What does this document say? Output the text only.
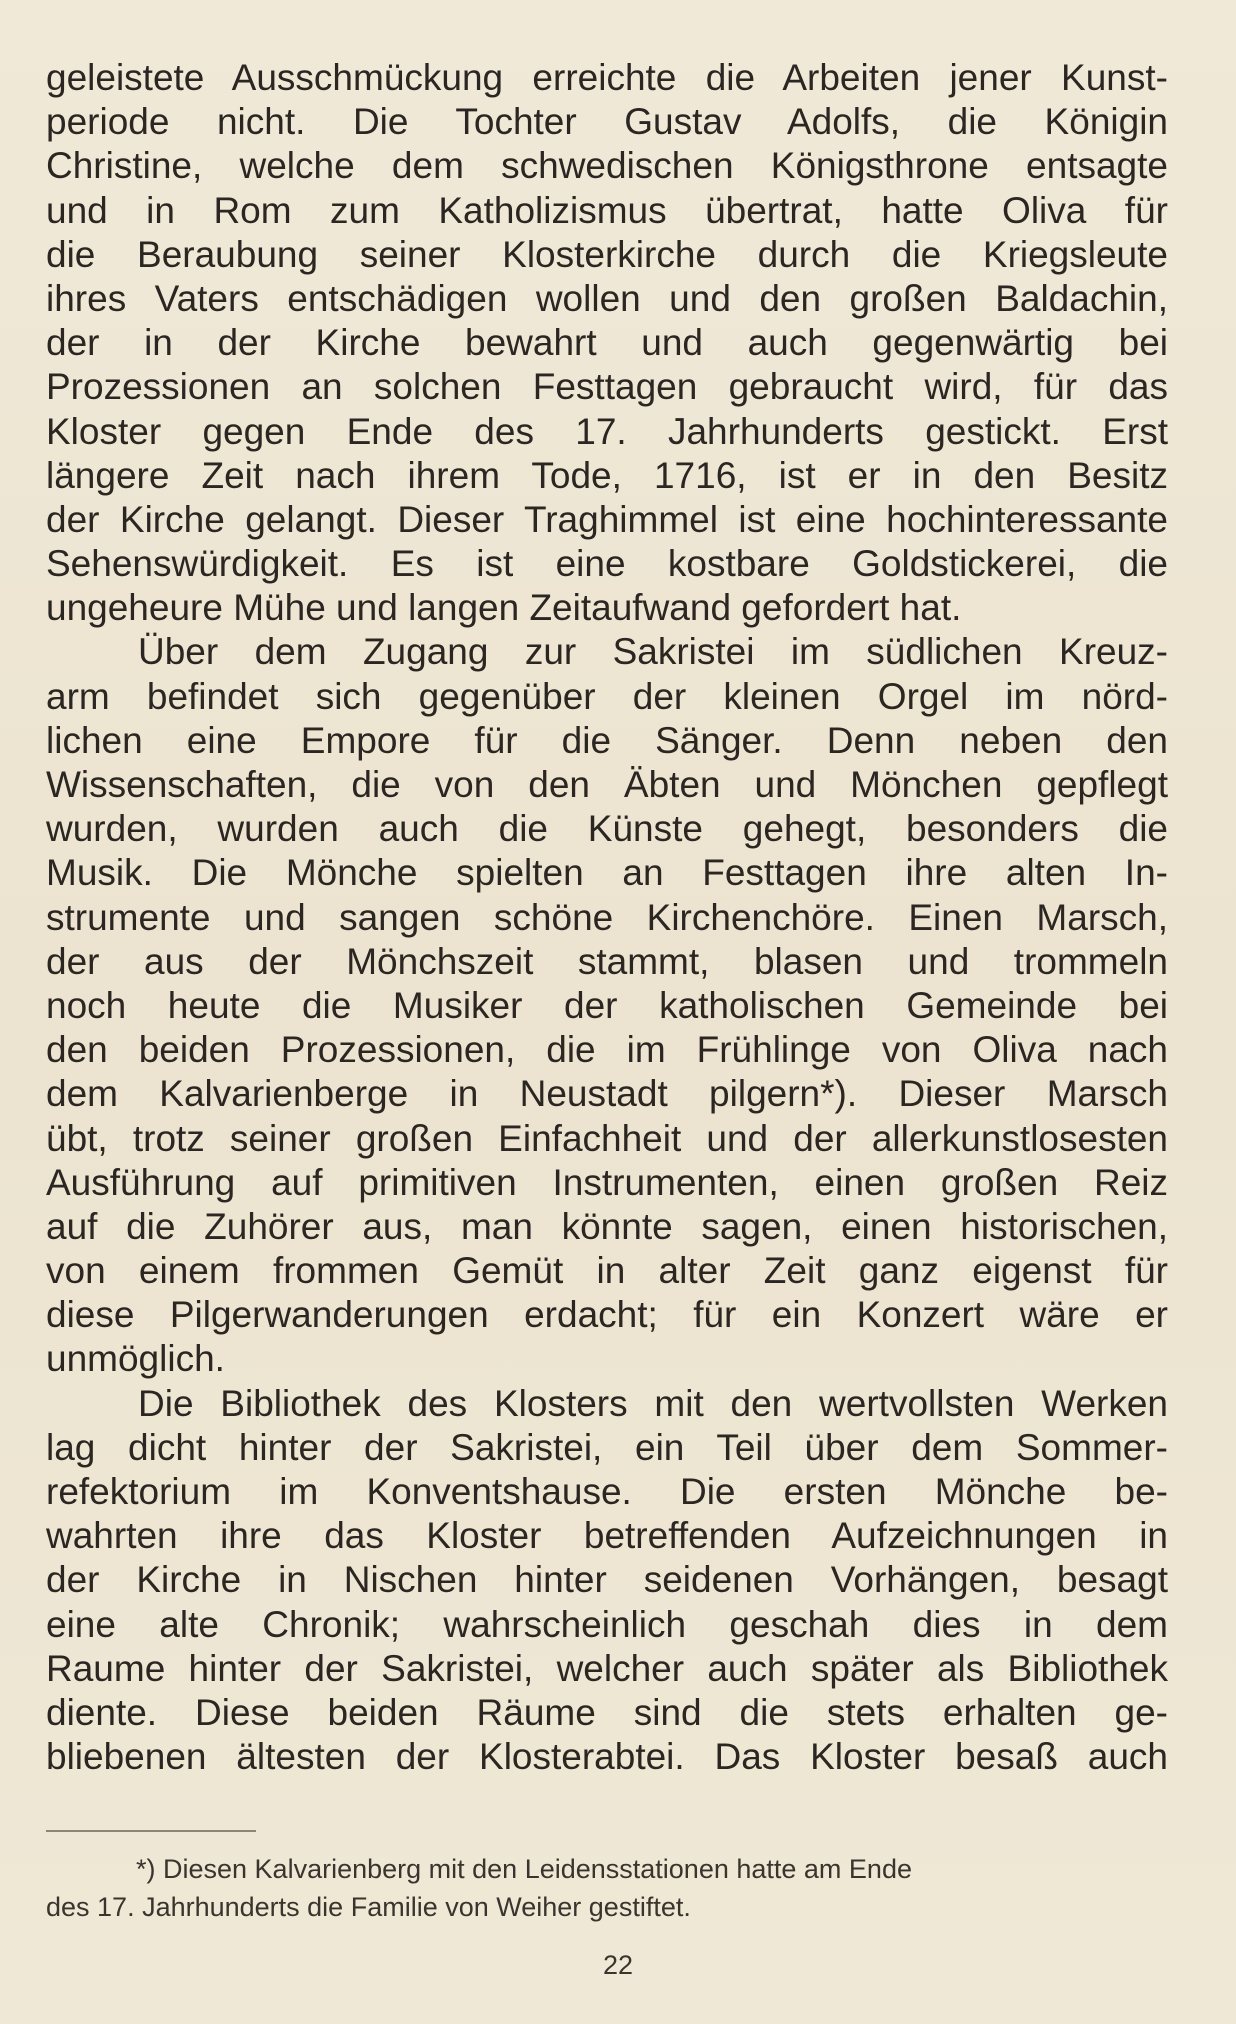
geleistete Ausschmückung erreichte die Arbeiten jener Kunst-
periode nicht. Die Tochter Gustav Adolfs, die Königin
Christine, welche dem schwedischen Königsthrone entsagte
und in Rom zum Katholizismus übertrat, hatte Oliva für
die Beraubung seiner Klosterkirche durch die Kriegsleute
ihres Vaters entschädigen wollen und den großen Baldachin,
der in der Kirche bewahrt und auch gegenwärtig bei
Prozessionen an solchen Festtagen gebraucht wird, für das
Kloster gegen Ende des 17. Jahrhunderts gestickt. Erst
längere Zeit nach ihrem Tode, 1716, ist er in den Besitz
der Kirche gelangt. Dieser Traghimmel ist eine hochinteressante
Sehenswürdigkeit. Es ist eine kostbare Goldstickerei, die
ungeheure Mühe und langen Zeitaufwand gefordert hat.
Über dem Zugang zur Sakristei im südlichen Kreuz-
arm befindet sich gegenüber der kleinen Orgel im nörd-
lichen eine Empore für die Sänger. Denn neben den
Wissenschaften, die von den Äbten und Mönchen gepflegt
wurden, wurden auch die Künste gehegt, besonders die
Musik. Die Mönche spielten an Festtagen ihre alten In-
strumente und sangen schöne Kirchenchöre. Einen Marsch,
der aus der Mönchszeit stammt, blasen und trommeln
noch heute die Musiker der katholischen Gemeinde bei
den beiden Prozessionen, die im Frühlinge von Oliva nach
dem Kalvarienberge in Neustadt pilgern*). Dieser Marsch
übt, trotz seiner großen Einfachheit und der allerkunstlosesten
Ausführung auf primitiven Instrumenten, einen großen Reiz
auf die Zuhörer aus, man könnte sagen, einen historischen,
von einem frommen Gemüt in alter Zeit ganz eigenst für
diese Pilgerwanderungen erdacht; für ein Konzert wäre er
unmöglich.
Die Bibliothek des Klosters mit den wertvollsten Werken
lag dicht hinter der Sakristei, ein Teil über dem Sommer-
refektorium im Konventshause. Die ersten Mönche be-
wahrten ihre das Kloster betreffenden Aufzeichnungen in
der Kirche in Nischen hinter seidenen Vorhängen, besagt
eine alte Chronik; wahrscheinlich geschah dies in dem
Raume hinter der Sakristei, welcher auch später als Bibliothek
diente. Diese beiden Räume sind die stets erhalten ge-
bliebenen ältesten der Klosterabtei. Das Kloster besaß auch
*) Diesen Kalvarienberg mit den Leidensstationen hatte am Ende
des 17. Jahrhunderts die Familie von Weiher gestiftet.
22
